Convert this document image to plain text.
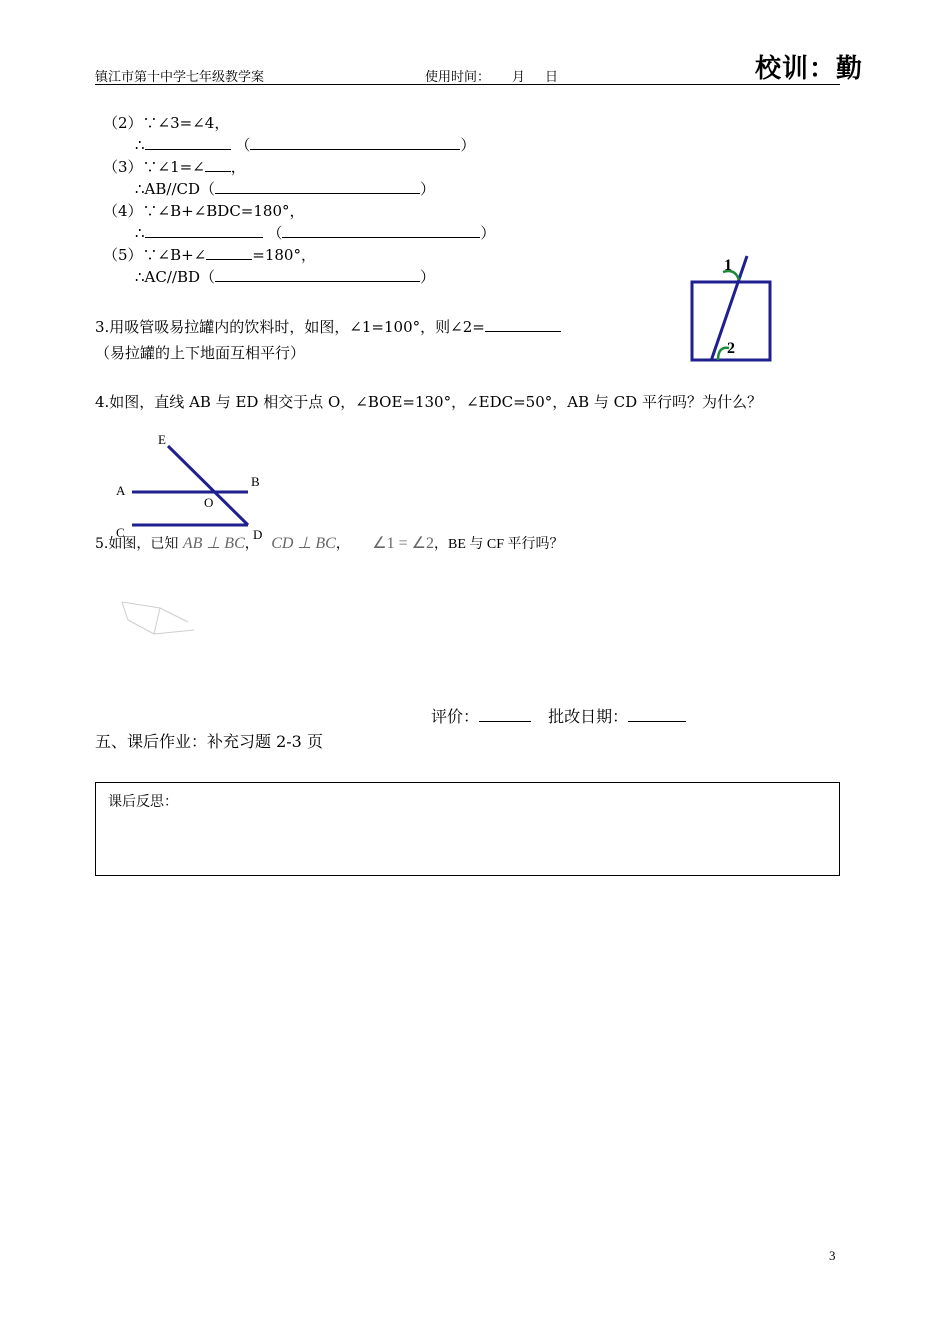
镇江市第十中学七年级教学案	使用时间： 月 日	校训：勤
（2）∵∠3=∠4，
∴	（	）
（3）∵∠1=∠ ，
∴AB//CD（	）
（4）∵∠B+∠BDC=180°，
∴	（	）
（5）∵∠B+∠	=180°，
∴AC//BD（	）
3.用吸管吸易拉罐内的饮料时，如图，∠1=100°，则∠2=
（易拉罐的上下地面互相平行）
1
2
4.如图，直线 AB 与 ED 相交于点 O，∠BOE=130°，∠EDC=50°，AB 与 CD 平行吗？为什么？
E
A
B
O
C	D
5.如图，已知 AB ⊥ BC， CD ⊥ BC， ∠1 = ∠2，BE 与 CF 平行吗？
评价：	批改日期：
五、课后作业：补充习题 2-3 页
课后反思：
3
